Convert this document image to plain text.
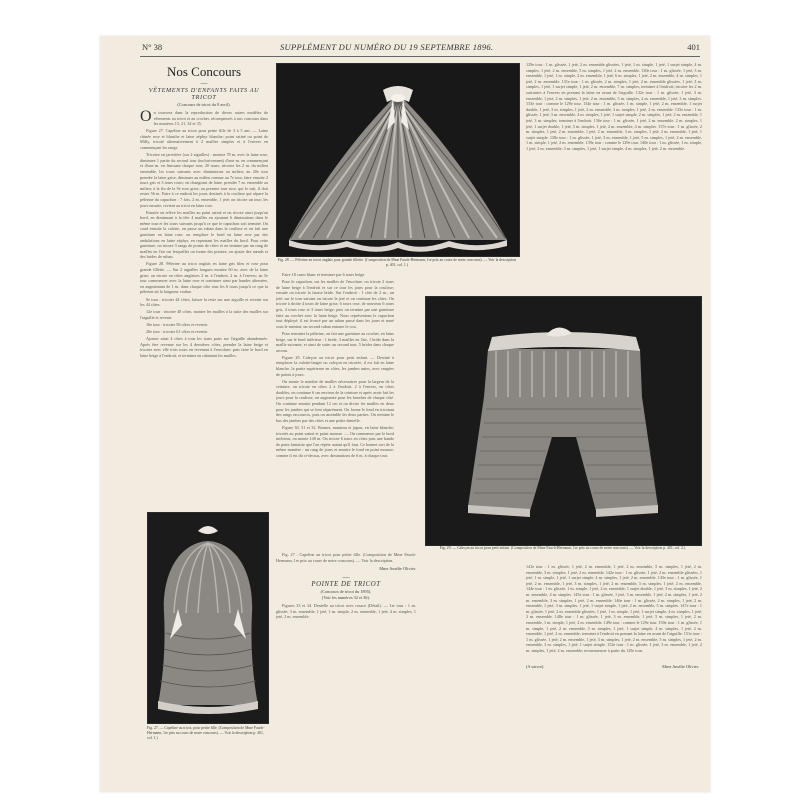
N° 38	SUPPLÉMENT DU NUMÉRO DU 19 SEPTEMBRE 1896.	401
Nos Concours
—
VÊTEMENTS D'ENFANTS FAITS AU TRICOT
(Concours de tricot du 8 avril).

On trouvera dans la reproduction de divers autres modèles de vêtements au tricot et au crochet, récompensés à nos concours dans les numéros 15, 21, 34 et 35.

Figure 27. Capeline au tricot pour petite fille de 3 à 5 ans. — Laine chinée rose et blanche et laine zéphyr blanche; point satiné ou point de Milly, tricoté alternativement à 2 mailles simples et à l'envers en commençant les rangs.

Tricotez en jarretière (sur 2 aiguilles) : montez 78 m. avec la laine rose, diminuez 1 partie du second tour (inclusivement) d'une m. en commençant et d'une m. en finissant chaque tour, 20 tours; tricotez les 2 m. du milieu ensemble, les tours suivants avec diminutions au milieu; au 20e tour prendre la laine grise, diminuer au milieu comme au 7e tour, faire ensuite 2 tours gris et 3 tours roses; en changeant de laine, prendre 7 m. ensemble au milieu; à la fin de la 9e rose grise, au premier tour rose, qui le suit, il doit rester 56 m. Faire à ce endroit les jours destinés à la coulisse qui sépare la pélerine du capuchon : 7 fois, 2 m. ensemble, 1 jeté; on tricote un tour; les jours ensuite, revient au tricot en laine rose.

Ensuite on relève les mailles au point satiné et on tricote ainsi jusqu'au bord, en diminuant à la tête 4 mailles en ajoutant 6 diminutions dans le même tour et les tours suivants jusqu'à ce que le capuchon soit terminé. On coud ensuite la calotte, on passe un ruban dans la coulisse et on fait une garniture en laine rose; on remplace le bord en laine rose par des ondulations en laine zéphyr, en reprenant les mailles du bord. Pour cette garniture, on tricote 3 rangs de points de côtes et on termine par un rang de mailles en l'air sur lesquelles on forme des pointes; on ajoute des nœuds et des brides de ruban.

Figure 28. Pélerine au tricot anglais en laine gris bleu et rose pour grande fillette. — Sur 2 aiguilles longues montez 60 m. avec de la laine grise; on tricote en côtes anglaises 2 m. à l'endroit, 2 m. à l'envers; au 5e tour commencer avec la laine rose et continuer ainsi par bandes alternées, en augmentant de 1 m. dans chaque côte tous les 6 tours jusqu'à ce que la pélerine ait la longueur voulue.

9e tour : tricoter 44 côtes, laisser la reste sur une aiguille et revenir sur les 44 côtes.

12e tour : tricoter 48 côtes, monter les mailles à la suite des mailles sur l'aiguille et revenir.

16e tour : tricoter 56 côtes et revenir.

20e tour : tricoter 61 côtes et revenir.

Ajouter ainsi 4 côtes à tous les tours pairs sur l'aiguille abandonnée. Après être revenue sur les 4 dernières côtes, prendre la laine beige et tricoter avec elle trois tours en revenant à l'encolure; puis faire le bord en laine beige à l'endroit, et terminer en rabattant les mailles.

Fig. 28. — Pélerine au tricot anglais pour grande fillette. (Composition de Mme Fauch-Hermann, 1re prix au cours de notre concours). — Voir la description p. 401, col. 1.)

Faire 18 cases blanc et terminer par 6 tours beige.

Pour le capuchon, sur les mailles de l'encolure, on tricote 2 tours de laine beige à l'endroit et sur ce tour les jours pour la coulisse; ensuite on tricote la fausse bride. Sur l'endroit : 1 côte de 2 m., un jeté; sur le tour suivant on tricote le jeté et on continue les côtes. On tricote à droite 4 tours de laine grise, 6 tours rose, de nouveau 6 tours gris, 4 tours rose et 3 tours beige; puis on termine par une garniture faite au crochet avec la laine beige. Nous représentons le capuchon tout déployé; il est froncé par un ruban passé dans les jours et noué sous le menton; un second ruban entoure le cou.

Pour terminer la pélerine, on fait une garniture au crochet, en laine beige, sur le bord inférieur : 1 bride, 3 mailles en l'air, 1 bride dans la maille suivante, et ainsi de suite; au second tour, 5 brides dans chaque arceau.

Figure 29. Caleçon au tricot pour petit enfant. — Destiné à remplacer la culotte-langer ou caleçon en tricotée, il est fait en laine blanche, la partie supérieure en côtes, les jambes unies, avec rangées de points à jours.

On monte le nombre de mailles nécessaires pour la largeur de la ceinture, on tricote en côtes 2 à l'endroit, 2 à l'envers, en côtes doubles; on continue 6 cm environ de la ceinture et après avoir fait les jours pour la coulisse, on augmente pour les hanches de chaque côté. On continue ensuite pendant 12 cm et on divise les mailles en deux pour les jambes qui se font séparément. On forme le fond en tricotant des rangs raccourcis, puis on assemble les deux parties. On termine le bas des jambes par des côtes et une petite dentelle.

Figure 30, 31 et 32. Bonnet, manteau et jupon, en laine blanche, tricotés au point satiné et point mousse. — On commence par le bord inférieur, on monte 140 m. On tricote 6 tours en côtes puis une bande de point fantaisie que l'on répète autant qu'il faut. Ce bonnet sort de la même manière : un rang de jours et ensuite le fond en point mousse, comme il est dit ci-dessus, avec diminutions de 6 m. à chaque tour.

129e tour : 1 m. glissée, 1 jeté, 2 m. ensemble glissées, 1 jeté, 1 m. simple, 1 jeté, 1 surjet simple, 4 m. simples, 1 jeté, 2 m. ensemble, 5 m. simples, 1 jeté, 2 m. ensemble. 130e tour : 1 m. glissée, 1 jeté, 3 m. ensemble, 1 jeté, 1 m. simple, 2 m. ensemble, 1 jeté, 6 m. simples, 1 jeté, 2 m. ensemble, 4 m. simples, 1 jeté, 2 m. ensemble. 131e tour : 1 m. glissée, 2 m. simples, 1 jeté, 2 m. ensemble glissées, 1 jeté, 3 m. simples, 1 jeté, 1 surjet simple, 1 jeté, 2 m. ensemble, 7 m. simples; terminer à l'endroit; tricoter les 2 m. suivantes à l'envers en prenant la laine en avant de l'aiguille. 132e tour : 1 m. glissée, 1 jeté, 3 m. ensemble, 1 jeté, 2 m. simples, 1 jeté, 2 m. ensemble, 5 m. simples, 2 m. ensemble, 1 jeté, 3 m. simples. 133e tour : comme le 129e tour. 134e tour : 1 m. glissée, 1 m. simple, 1 jeté, 2 m. ensemble, 1 surjet double, 1 jeté, 3 m. simples, 1 jeté, 2 m. ensemble, 3 m. simples, 1 jeté, 2 m. ensemble. 135e tour : 1 m. glissée, 1 jeté, 3 m. ensemble, 4 m. simples, 1 jeté, 1 surjet simple, 2 m. simples, 1 jeté, 2 m. ensemble, 1 jeté, 3 m. simples; terminer à l'endroit. 136e tour : 1 m. glissée, 1 jeté, 2 m. ensemble, 2 m. simples, 1 jeté, 1 surjet double, 1 jeté, 5 m. simples, 1 jeté, 2 m. ensemble, 4 m. simples. 137e tour : 1 m. glissée, 2 m. simples, 1 jeté, 2 m. ensemble, 1 jeté, 2 m. ensemble, 3 m. simples, 1 jeté, 2 m. ensemble, 1 jeté, 1 surjet simple. 138e tour : 1 m. glissée, 1 jeté, 3 m. ensemble, 1 jeté, 5 m. simples, 1 jeté, 2 m. ensemble, 1 m. simple, 1 jeté, 2 m. ensemble. 139e tour : comme le 129e tour. 140e tour : 1 m. glissée, 1 m. simple, 1 jeté, 2 m. ensemble, 3 m. simples, 1 jeté, 1 surjet simple, 4 m. simples, 1 jeté, 2 m. ensemble.

Fig. 29. — Caleçon au tricot pour petit enfant. (Composition de Mme Fauch-Hermann, 1re prix au cours de notre concours). — Voir la description p. 401, col. 2.)
Fig. 27. — Capeline au tricot, pour petite fille. (Composition de Mme Fauch-Hermann, 1re prix au cours de notre concours). — Voir la description p. 401, col. 1.)

Fig. 27 : Capeline au tricot pour petite fille. (Composition de Mme Fauch-Hermann, 1re prix au cours de notre concours). — Voir la description.

Mme Amélie Olivier.
—
POINTE DE TRICOT
(Concours de tricot du 1895).
(Voir les numéros 32 et 36).

Figures 33 et 34. Dentelle au tricot avec rosace (Détail). — 1er tour : 1 m. glissée, 3 m. ensemble, 1 jeté, 1 m. simple, 2 m. ensemble, 1 jeté, 4 m. simples, 1 jeté, 2 m. ensemble.

141e tour : 1 m. glissée, 1 jeté, 2 m. ensemble, 1 jeté, 2 m. ensemble, 5 m. simples, 1 jeté, 2 m. ensemble, 3 m. simples, 1 jeté, 2 m. ensemble. 142e tour : 1 m. glissée, 1 jeté, 2 m. ensemble glissées, 1 jeté, 1 m. simple, 1 jeté, 1 surjet simple, 4 m. simples, 1 jeté, 2 m. ensemble. 143e tour : 1 m. glissée, 1 jeté, 2 m. ensemble, 1 jeté, 3 m. simples, 1 jeté, 2 m. ensemble, 5 m. simples, 1 jeté, 2 m. ensemble. 144e tour : 1 m. glissée, 1 m. simple, 1 jeté, 2 m. ensemble, 1 surjet double, 1 jeté, 3 m. simples, 1 jeté, 2 m. ensemble, 4 m. simples. 145e tour : 1 m. glissée, 1 jeté, 3 m. ensemble, 1 jeté, 2 m. simples, 1 jeté, 2 m. ensemble, 3 m. simples, 1 jeté, 2 m. ensemble. 146e tour : 1 m. glissée, 2 m. simples, 1 jeté, 2 m. ensemble, 1 jeté, 3 m. simples, 1 jeté, 1 surjet simple, 1 jeté, 2 m. ensemble, 5 m. simples. 147e tour : 1 m. glissée, 1 jeté, 2 m. ensemble glissées, 1 jeté, 1 m. simple, 1 jeté, 1 surjet simple, 4 m. simples, 1 jeté, 2 m. ensemble. 148e tour : 1 m. glissée, 1 jeté, 3 m. ensemble, 1 jeté, 5 m. simples, 1 jeté, 2 m. ensemble, 1 m. simple, 1 jeté, 2 m. ensemble. 149e tour : comme le 129e tour. 150e tour : 1 m. glissée, 1 m. simple, 1 jeté, 2 m. ensemble, 3 m. simples, 1 jeté, 1 surjet simple, 4 m. simples, 1 jeté, 2 m. ensemble, 1 jeté, 2 m. ensemble; terminer à l'endroit en prenant la laine en avant de l'aiguille. 151e tour : 1 m. glissée, 1 jeté, 2 m. ensemble, 1 jeté, 3 m. simples, 1 jeté, 2 m. ensemble, 5 m. simples, 1 jeté, 2 m. ensemble, 3 m. simples, 1 jeté, 1 surjet simple. 152e tour : 1 m. glissée, 1 jeté, 3 m. ensemble, 1 jeté, 2 m. simples, 1 jeté, 2 m. ensemble; recommencer à partir du 129e tour.

(A suivre).	Mme Amélie Olivier.
